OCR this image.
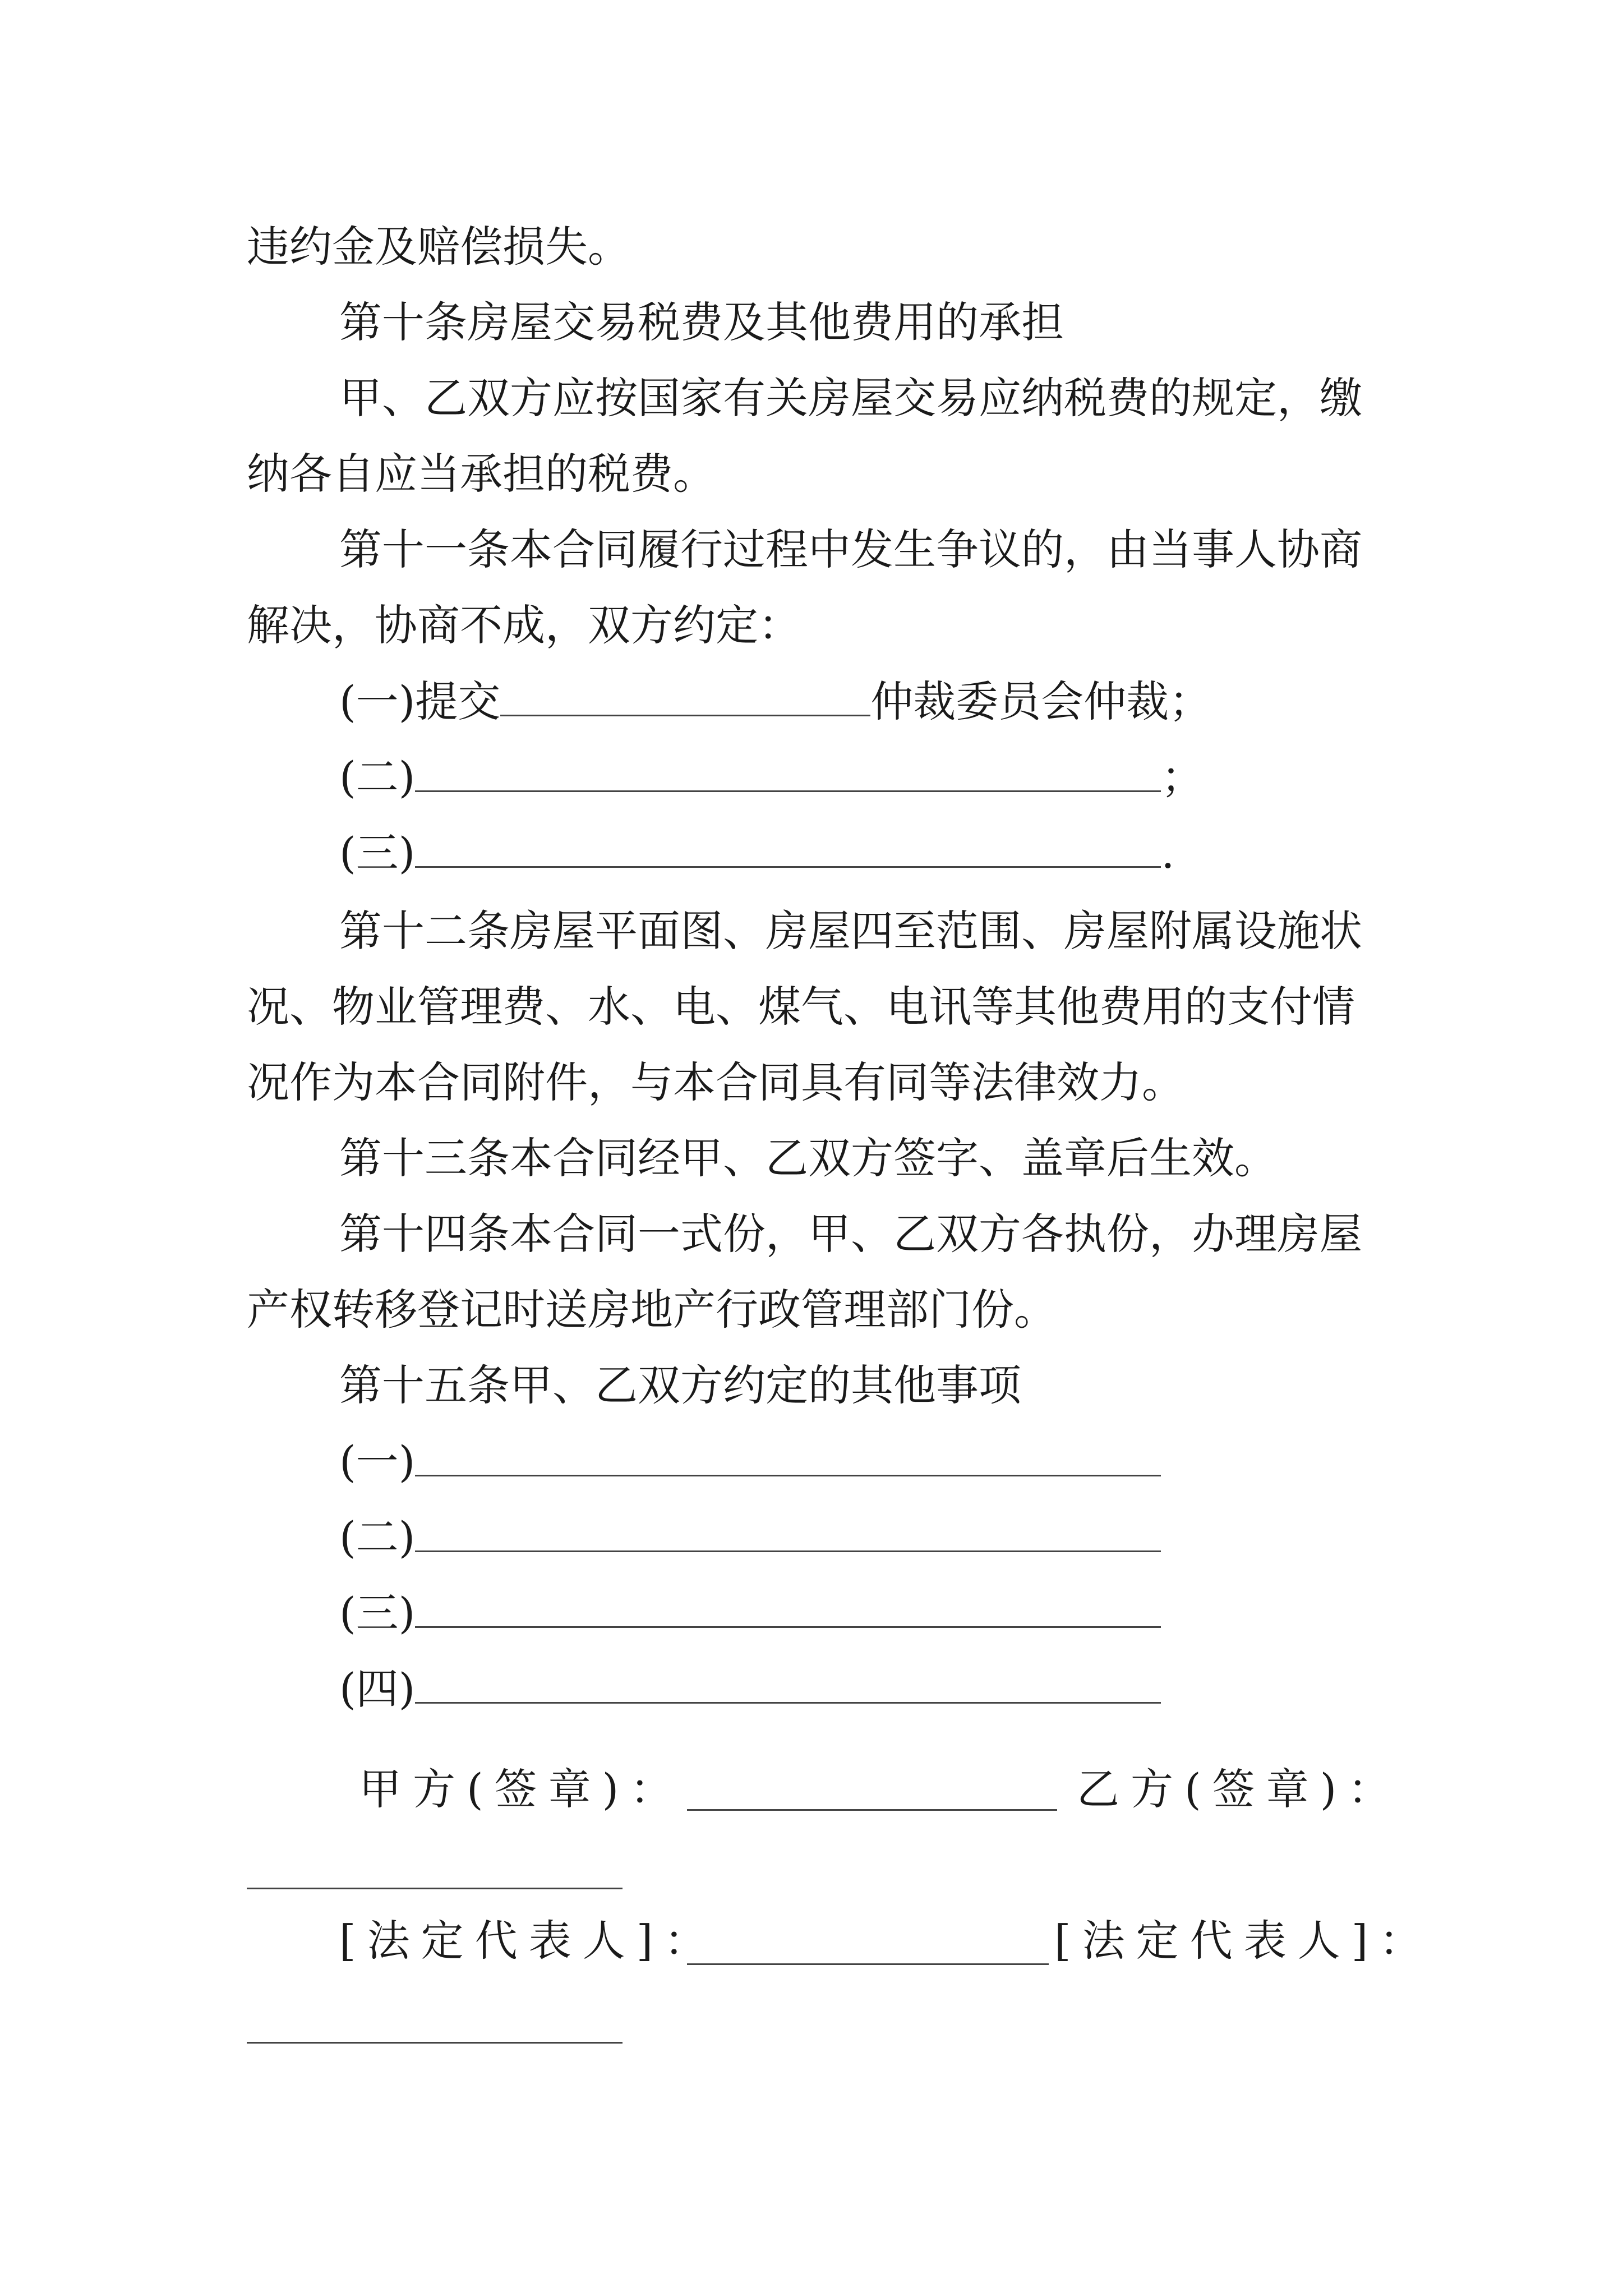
违约金及赔偿损失。
第十条房屋交易税费及其他费用的承担
甲、乙双方应按国家有关房屋交易应纳税费的规定，缴
纳各自应当承担的税费。
第十一条本合同履行过程中发生争议的，由当事人协商
解决，协商不成，双方约定：
(一)提交	仲裁委员会仲裁；
(二)	；
(三)	.
第十二条房屋平面图、房屋四至范围、房屋附属设施状
况、物业管理费、水、电、煤气、电讯等其他费用的支付情
况作为本合同附件，与本合同具有同等法律效力。
第十三条本合同经甲、乙双方签字、盖章后生效。
第十四条本合同一式份，甲、乙双方各执份，办理房屋
产权转移登记时送房地产行政管理部门份。
第十五条甲、乙双方约定的其他事项
(一)
(二)
(三)
(四)
甲方(签章)：	乙方(签章)：
[法定代表人]：	[法定代表人]：
